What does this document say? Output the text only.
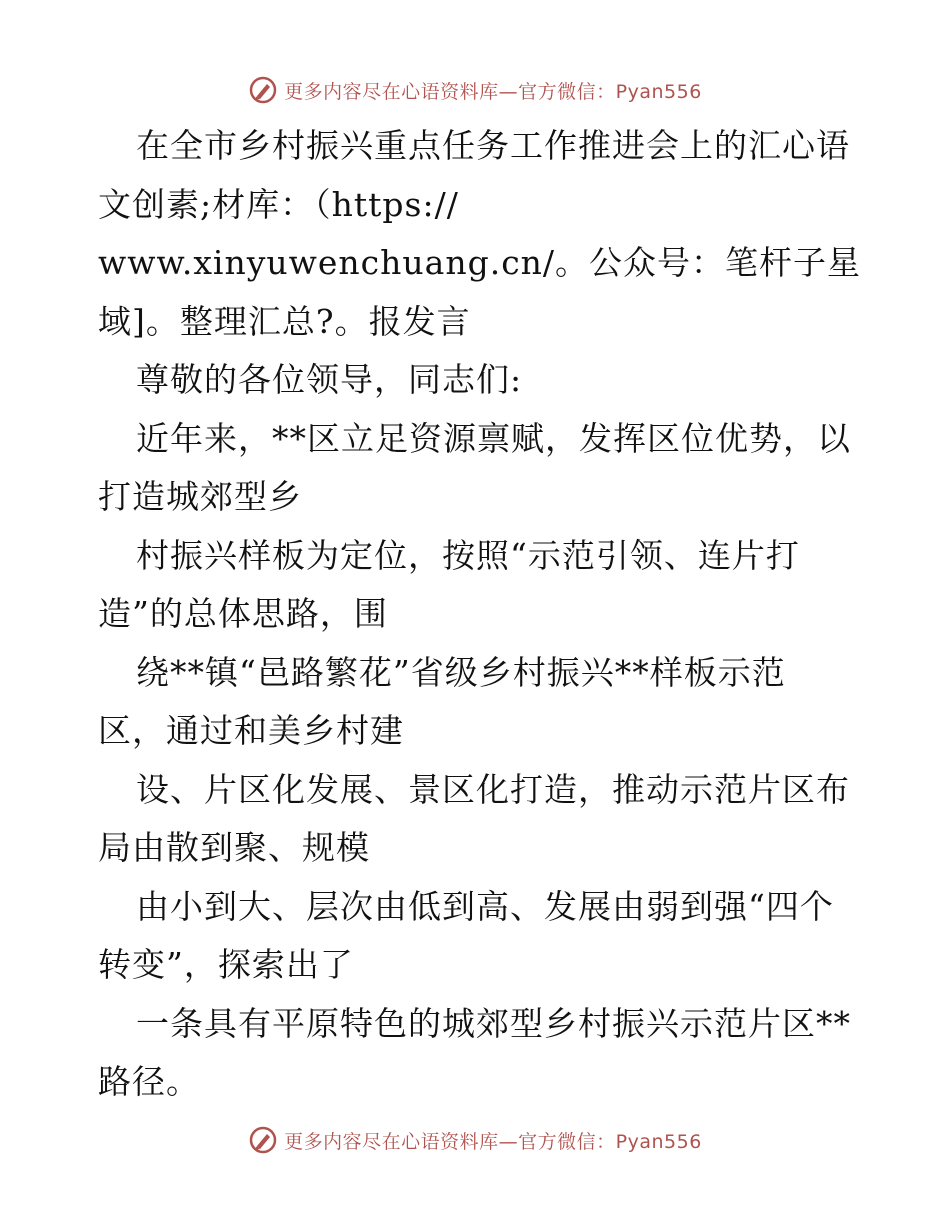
更多内容尽在心语资料库—官方微信：Pyan556
在全市乡村振兴重点任务工作推进会上的汇心语
文创素;材库：（https://
www.xinyuwenchuang.cn/。公众号：笔杆子星
域]。整理汇总?。报发言
尊敬的各位领导，同志们:
近年来，**区立足资源禀赋，发挥区位优势，以
打造城郊型乡
村振兴样板为定位，按照“示范引领、连片打
造”的总体思路，围
绕**镇“邑路繁花”省级乡村振兴**样板示范
区，通过和美乡村建
设、片区化发展、景区化打造，推动示范片区布
局由散到聚、规模
由小到大、层次由低到高、发展由弱到强“四个
转变”，探索出了
一条具有平原特色的城郊型乡村振兴示范片区**
路径。
更多内容尽在心语资料库—官方微信：Pyan556
